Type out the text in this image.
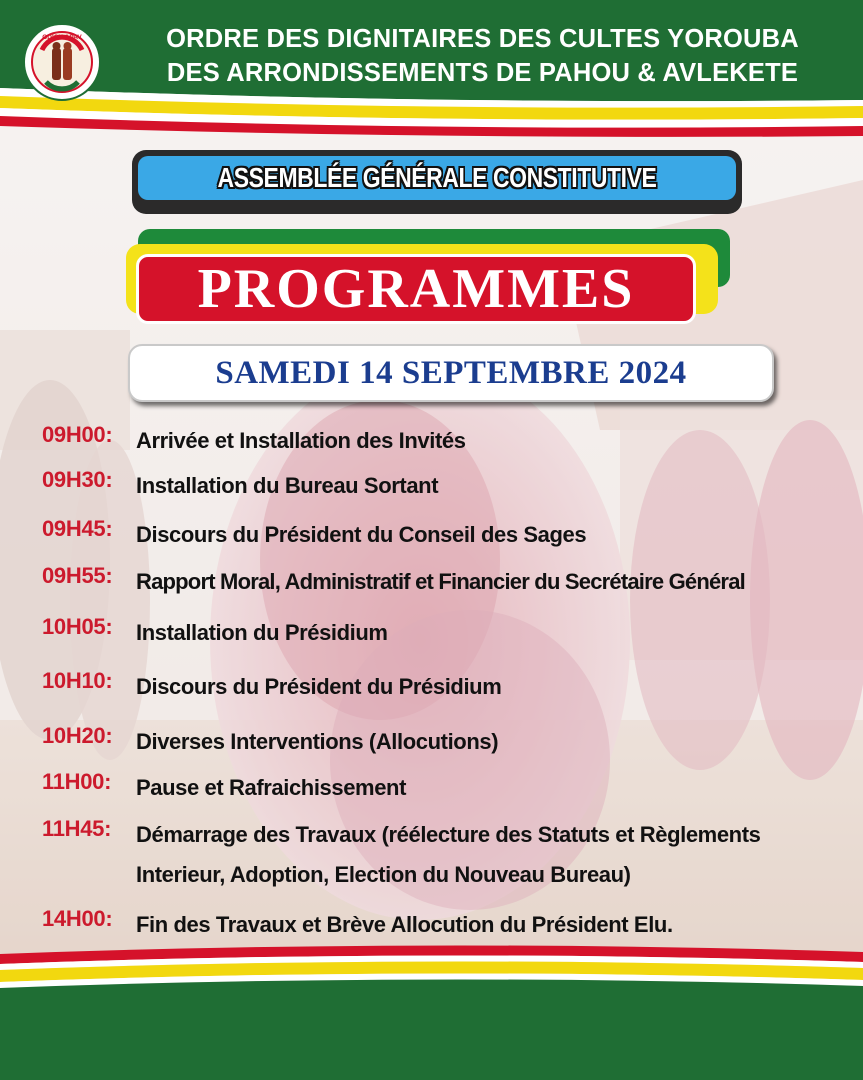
ODICY-APAV	ORDRE DES DIGNITAIRES DES CULTES YOROUBA
DES ARRONDISSEMENTS DE PAHOU & AVLEKETE
ASSEMBLÉE GÉNÉRALE CONSTITUTIVE
PROGRAMMES
SAMEDI 14 SEPTEMBRE 2024
09H00: Arrivée et Installation des Invités
09H30: Installation du Bureau Sortant
09H45: Discours du Président du Conseil des Sages
09H55: Rapport Moral, Administratif et Financier du Secrétaire Général
10H05: Installation du Présidium
10H10: Discours du Président du Présidium
10H20: Diverses Interventions (Allocutions)
11H00: Pause et Rafraichissement
11H45: Démarrage des Travaux (réélecture des Statuts et Règlements
Interieur, Adoption, Election du Nouveau Bureau)
14H00: Fin des Travaux et Brève Allocution du Président Elu.
